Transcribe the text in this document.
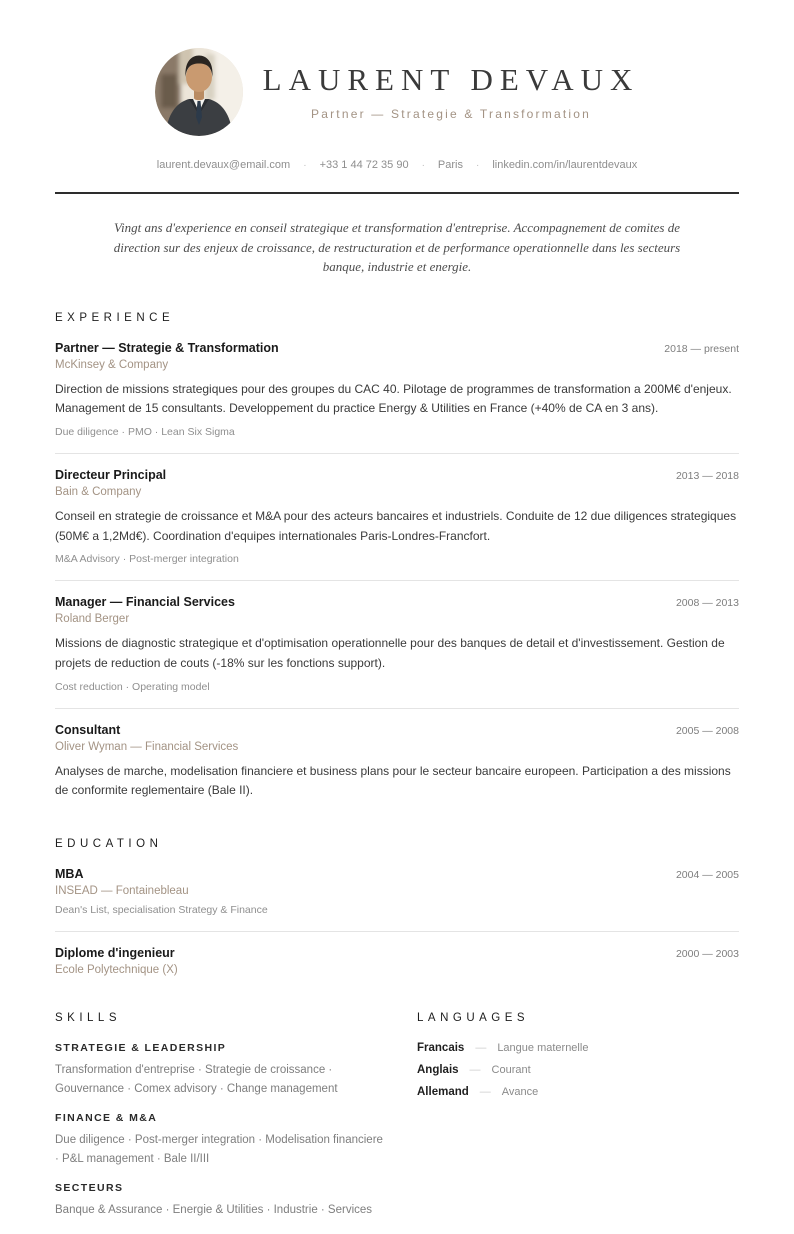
LAURENT DEVAUX
Partner — Strategie & Transformation
laurent.devaux@email.com · +33 1 44 72 35 90 · Paris · linkedin.com/in/laurentdevaux

Vingt ans d'experience en conseil strategique et transformation d'entreprise. Accompagnement de comites de direction sur des enjeux de croissance, de restructuration et de performance operationnelle dans les secteurs banque, industrie et energie.

EXPERIENCE
Partner — Strategie & Transformation	2018 — present
McKinsey & Company

Direction de missions strategiques pour des groupes du CAC 40. Pilotage de programmes de transformation a 200M€ d'enjeux. Management de 15 consultants. Developpement du practice Energy & Utilities en France (+40% de CA en 3 ans).

Due diligence · PMO · Lean Six Sigma
Directeur Principal	2013 — 2018
Bain & Company

Conseil en strategie de croissance et M&A pour des acteurs bancaires et industriels. Conduite de 12 due diligences strategiques (50M€ a 1,2Md€). Coordination d'equipes internationales Paris-Londres-Francfort.

M&A Advisory · Post-merger integration
Manager — Financial Services	2008 — 2013
Roland Berger

Missions de diagnostic strategique et d'optimisation operationnelle pour des banques de detail et d'investissement. Gestion de projets de reduction de couts (-18% sur les fonctions support).

Cost reduction · Operating model
Consultant	2005 — 2008
Oliver Wyman — Financial Services

Analyses de marche, modelisation financiere et business plans pour le secteur bancaire europeen. Participation a des missions de conformite reglementaire (Bale II).

EDUCATION
MBA	2004 — 2005
INSEAD — Fontainebleau
Dean's List, specialisation Strategy & Finance
Diplome d'ingenieur	2000 — 2003
Ecole Polytechnique (X)
SKILLS
STRATEGIE & LEADERSHIP
Transformation d'entreprise · Strategie de croissance · Gouvernance · Comex advisory · Change management
FINANCE & M&A
Due diligence · Post-merger integration · Modelisation financiere · P&L management · Bale II/III
SECTEURS
Banque & Assurance · Energie & Utilities · Industrie · Services
LANGUAGES
Francais — Langue maternelle
Anglais — Courant
Allemand — Avance
